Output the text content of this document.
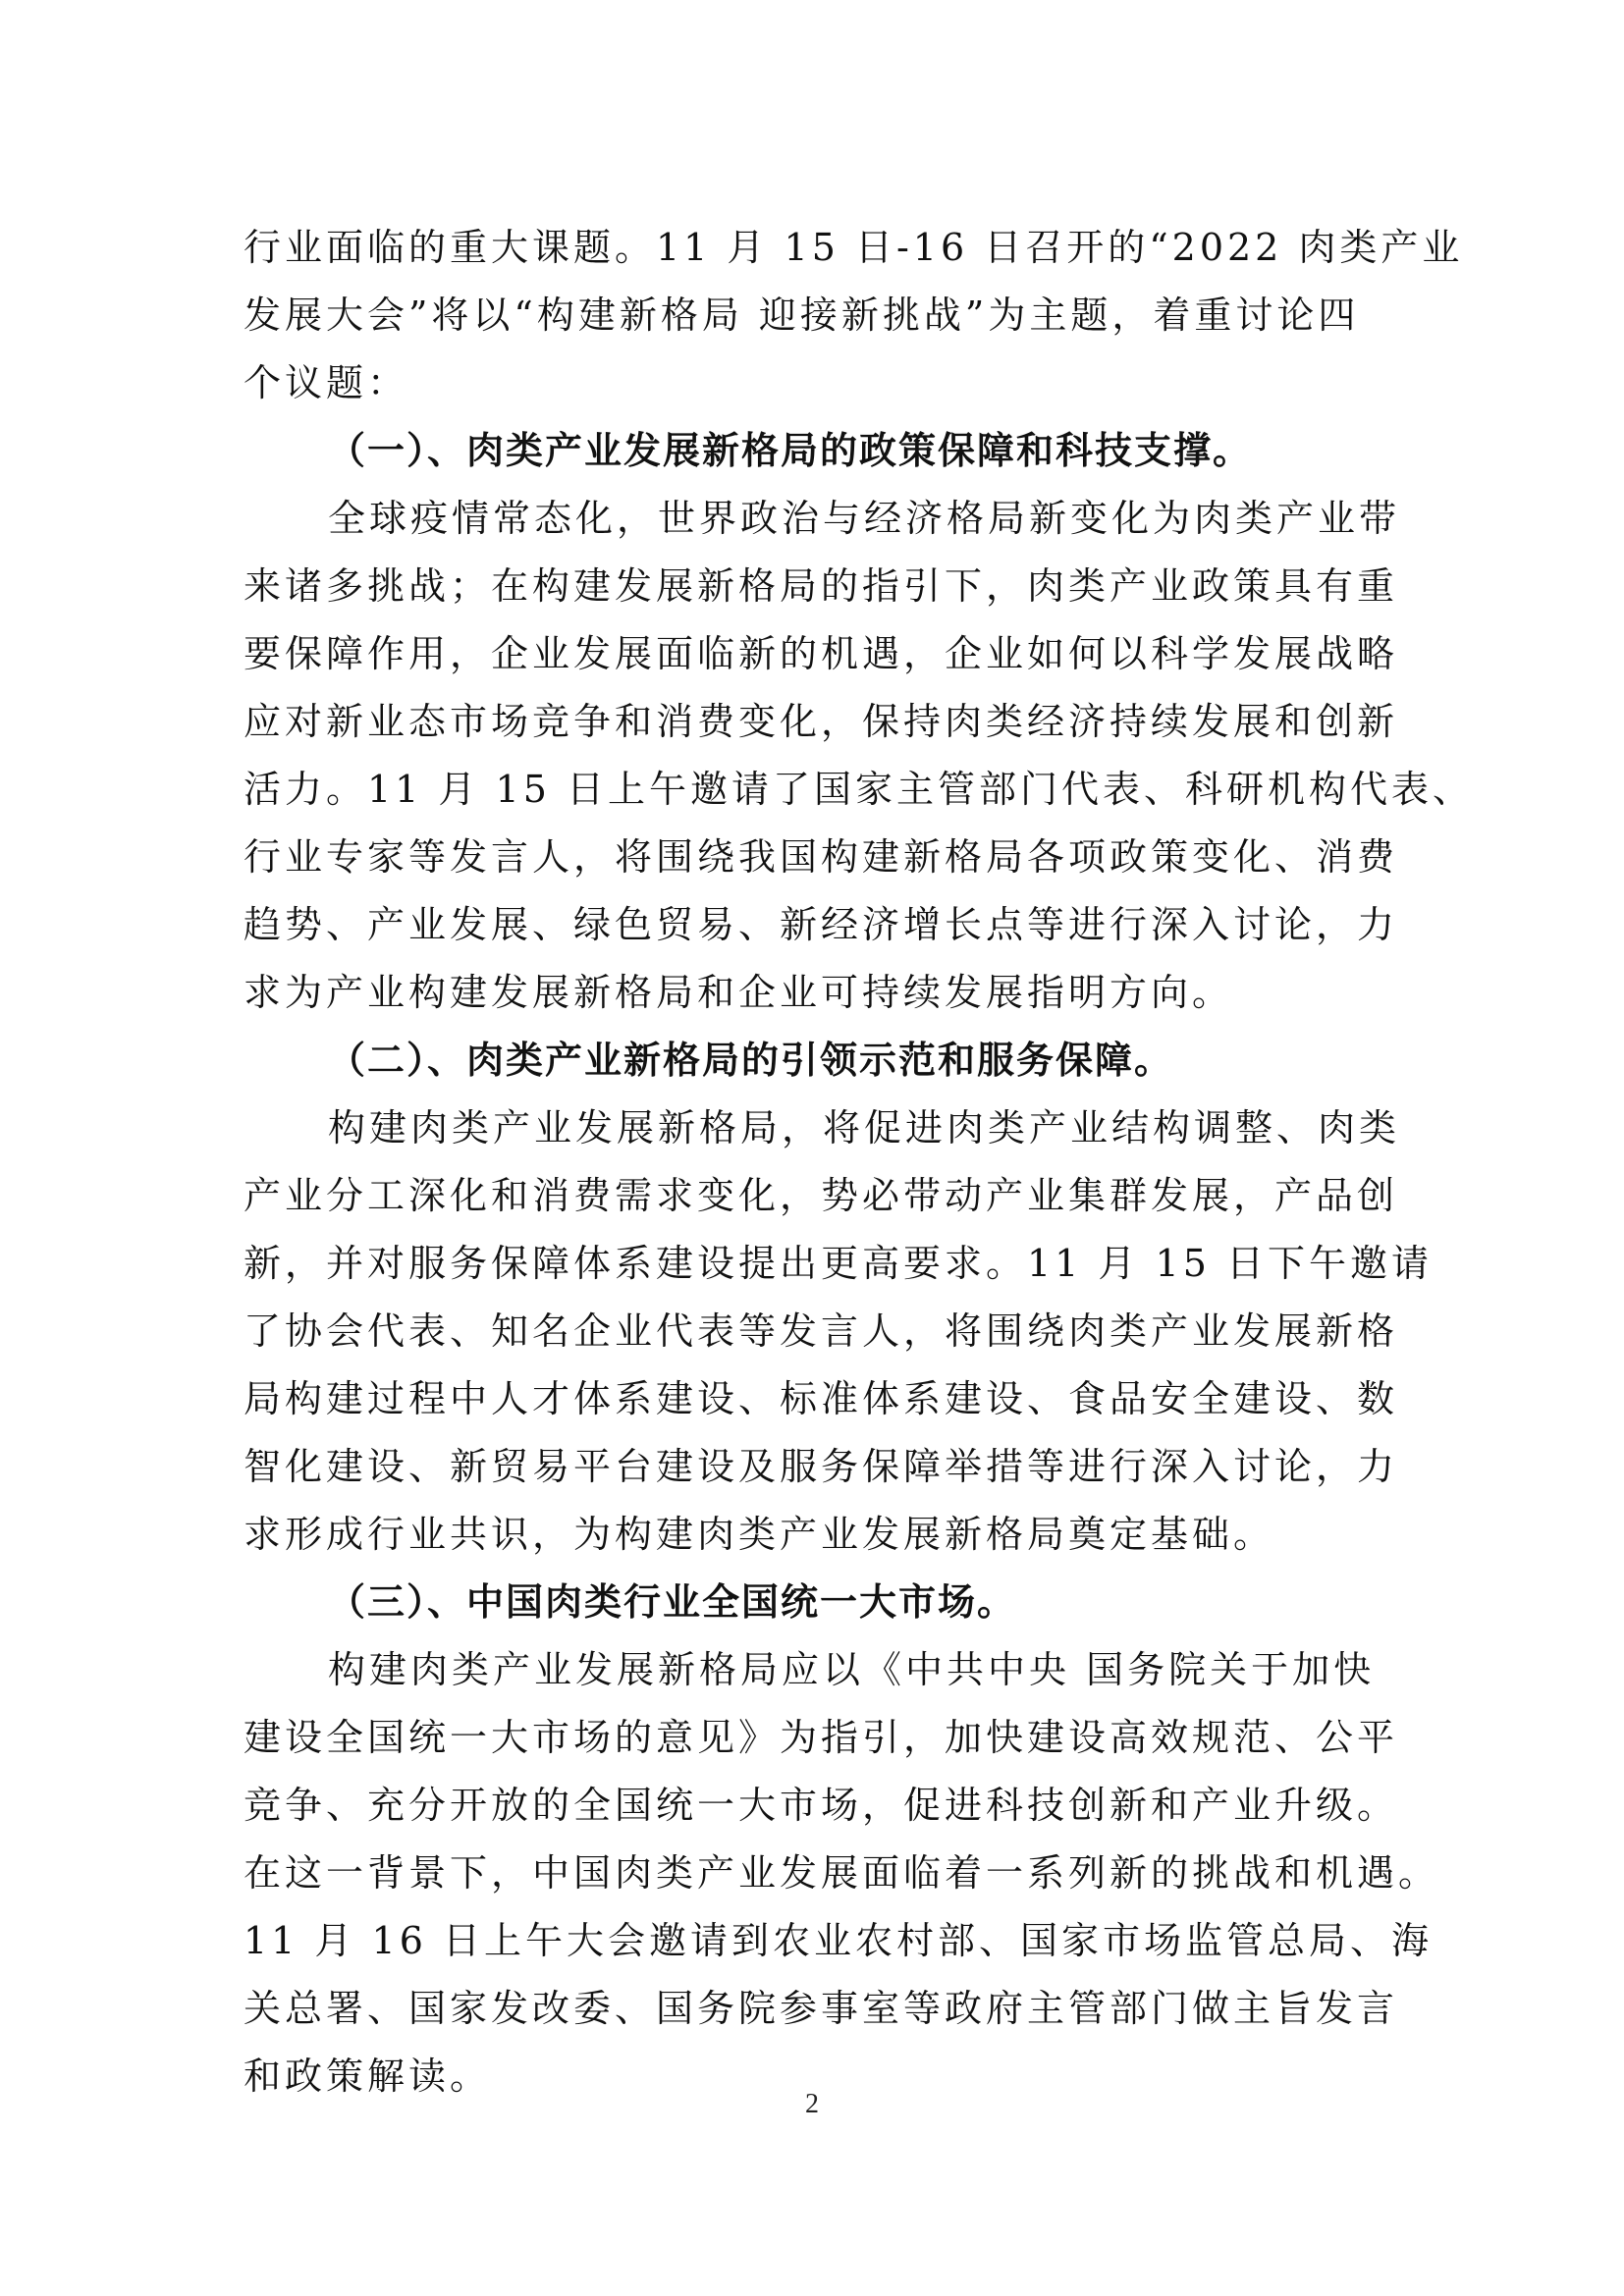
行业面临的重大课题。11 月 15 日-16 日召开的“2022 肉类产业
发展大会”将以“构建新格局 迎接新挑战”为主题，着重讨论四
个议题：
（一）、肉类产业发展新格局的政策保障和科技支撑。
全球疫情常态化，世界政治与经济格局新变化为肉类产业带
来诸多挑战；在构建发展新格局的指引下，肉类产业政策具有重
要保障作用，企业发展面临新的机遇，企业如何以科学发展战略
应对新业态市场竞争和消费变化，保持肉类经济持续发展和创新
活力。11 月 15 日上午邀请了国家主管部门代表、科研机构代表、
行业专家等发言人，将围绕我国构建新格局各项政策变化、消费
趋势、产业发展、绿色贸易、新经济增长点等进行深入讨论，力
求为产业构建发展新格局和企业可持续发展指明方向。
（二）、肉类产业新格局的引领示范和服务保障。
构建肉类产业发展新格局，将促进肉类产业结构调整、肉类
产业分工深化和消费需求变化，势必带动产业集群发展，产品创
新，并对服务保障体系建设提出更高要求。11 月 15 日下午邀请
了协会代表、知名企业代表等发言人，将围绕肉类产业发展新格
局构建过程中人才体系建设、标准体系建设、食品安全建设、数
智化建设、新贸易平台建设及服务保障举措等进行深入讨论，力
求形成行业共识，为构建肉类产业发展新格局奠定基础。
（三）、中国肉类行业全国统一大市场。
构建肉类产业发展新格局应以《中共中央 国务院关于加快
建设全国统一大市场的意见》为指引，加快建设高效规范、公平
竞争、充分开放的全国统一大市场，促进科技创新和产业升级。
在这一背景下，中国肉类产业发展面临着一系列新的挑战和机遇。
11 月 16 日上午大会邀请到农业农村部、国家市场监管总局、海
关总署、国家发改委、国务院参事室等政府主管部门做主旨发言
和政策解读。
2
